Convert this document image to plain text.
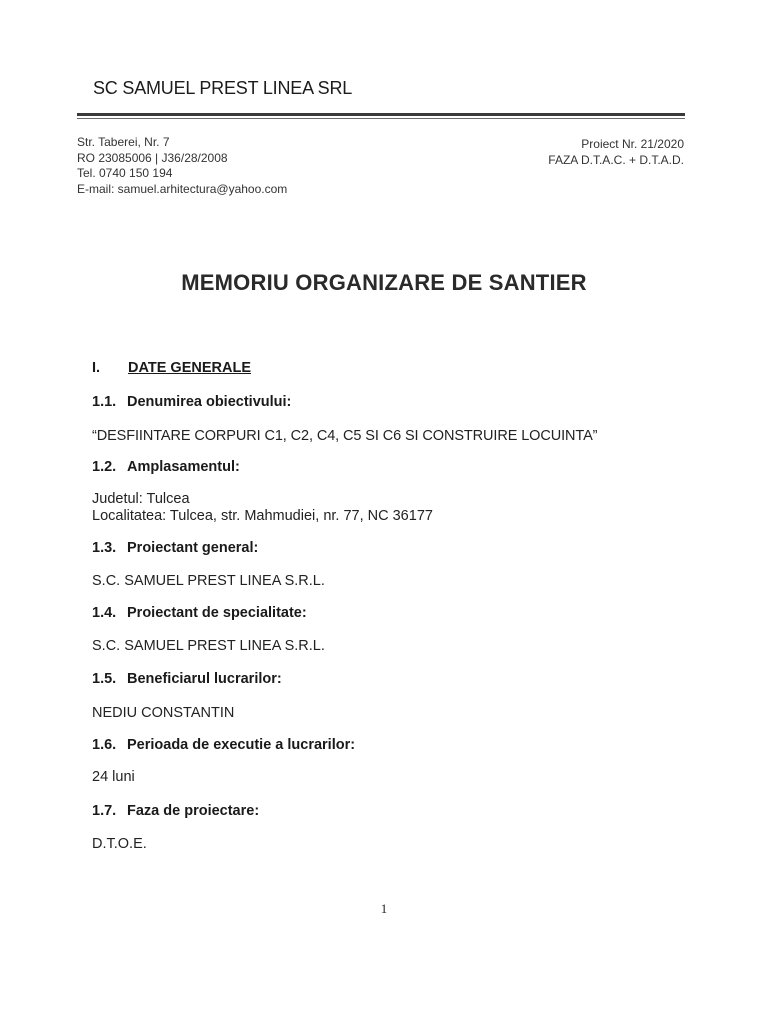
SC SAMUEL PREST LINEA SRL
Str. Taberei, Nr. 7
RO 23085006 | J36/28/2008
Tel. 0740 150 194
E-mail: samuel.arhitectura@yahoo.com
Proiect Nr. 21/2020
FAZA D.T.A.C. + D.T.A.D.
MEMORIU ORGANIZARE DE SANTIER
I. DATE GENERALE
1.1. Denumirea obiectivului:
“DESFIINTARE CORPURI C1, C2, C4, C5 SI C6 SI CONSTRUIRE LOCUINTA”
1.2. Amplasamentul:
Judetul: Tulcea
Localitatea: Tulcea, str. Mahmudiei, nr. 77, NC 36177
1.3. Proiectant general:
S.C. SAMUEL PREST LINEA S.R.L.
1.4. Proiectant de specialitate:
S.C. SAMUEL PREST LINEA S.R.L.
1.5. Beneficiarul lucrarilor:
NEDIU CONSTANTIN
1.6. Perioada de executie a lucrarilor:
24 luni
1.7. Faza de proiectare:
D.T.O.E.
1
